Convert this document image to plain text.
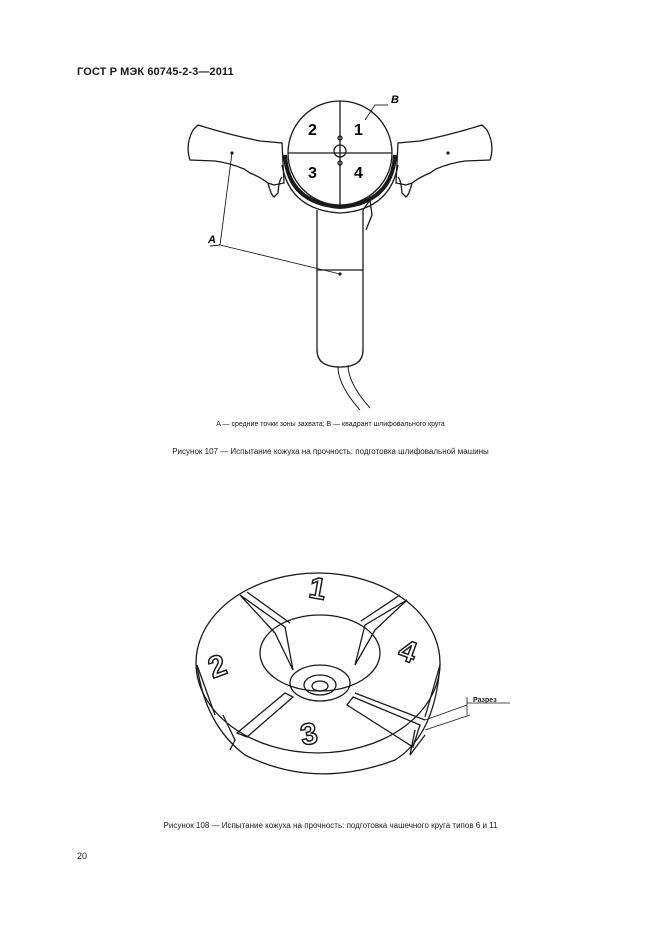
ГОСТ Р МЭК 60745-2-3—2011
2 1
3 4
A
B
A — средние точки зоны захвата; B — квадрант шлифовального круга
Рисунок 107 — Испытание кожуха на прочность: подготовка шлифовальной машины
1
2
3
4
Разрез
Рисунок 108 — Испытание кожуха на прочность: подготовка чашечного круга типов 6 и 11
20
